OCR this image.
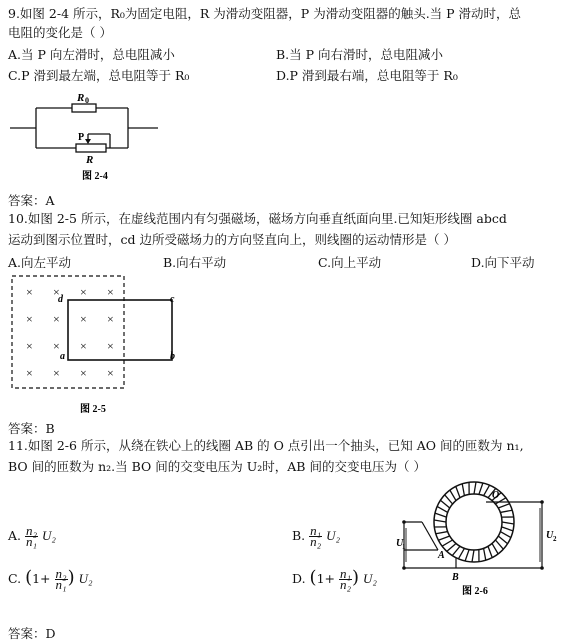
9.如图 2-4 所示，R₀为固定电阻，R 为滑动变阻器，P 为滑动变阻器的触头.当 P 滑动时，总
电阻的变化是（ ）
A.当 P 向左滑时，总电阻减小	B.当 P 向右滑时，总电阻减小
C.P 滑到最左端，总电阻等于 R₀	D.P 滑到最右端，总电阻等于 R₀
R 0
P
R
图 2-4
答案：A
10.如图 2-5 所示，在虚线范围内有匀强磁场，磁场方向垂直纸面向里.已知矩形线圈 abcd
运动到图示位置时，cd 边所受磁场力的方向竖直向上，则线圈的运动情形是（ ）
A.向左平动	B.向右平动	C.向上平动	D.向下平动
× × × ×
× × × ×
× × × ×
× × × ×
d	c
a	b
图 2-5
答案：B
11.如图 2-6 所示，从绕在铁心上的线圈 AB 的 O 点引出一个抽头，已知 AO 间的匝数为 n₁,
BO 间的匝数为 n₂.当 BO 间的交变电压为 U₂时，AB 间的交变电压为（ ）
A. $\frac{\text{n₂}}{\text{n₁}} U_2$	B. $\frac{\text{n₁}}{\text{n₂}} U_2$
C. ($1+ \frac{\text{n₂}}{\text{n₁}}$ ) U₂	D. ($1+ \frac{\text{n₁}}{\text{n₂}}$ ) U₂
O
A
B
U
1
U 2
图 2-6
答案：D
